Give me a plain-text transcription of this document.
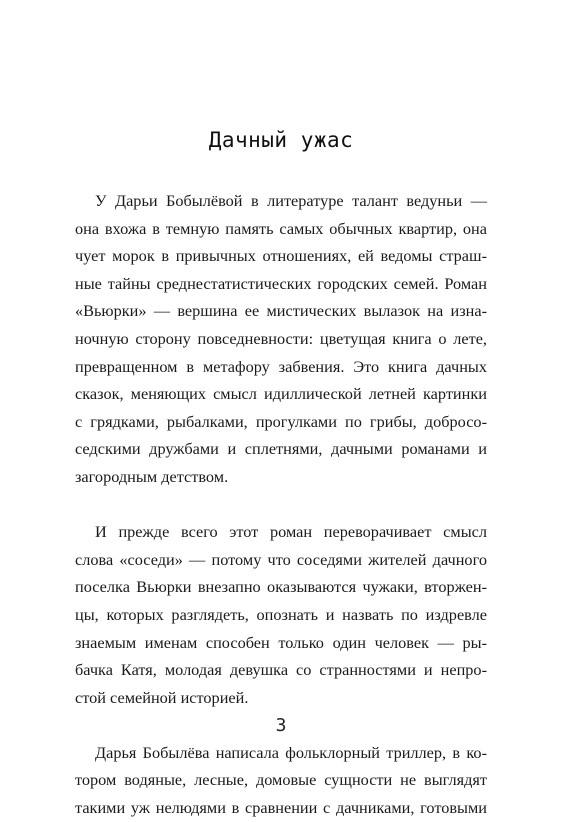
Дачный ужас

У Дарьи Бобылёвой в литературе талант ведуньи —
она вхожа в темную память самых обычных квартир, она
чует морок в привычных отношениях, ей ведомы страш-
ные тайны среднестатистических городских семей. Роман
«Вьюрки» — вершина ее мистических вылазок на изна-
ночную сторону повседневности: цветущая книга о лете,
превращенном в метафору забвения. Это книга дачных
сказок, меняющих смысл идиллической летней картинки
с грядками, рыбалками, прогулками по грибы, добросо-
седскими дружбами и сплетнями, дачными романами и
загородным детством.

И прежде всего этот роман переворачивает смысл
слова «соседи» — потому что соседями жителей дачного
поселка Вьюрки внезапно оказываются чужаки, вторжен-
цы, которых разглядеть, опознать и назвать по издревле
знаемым именам способен только один человек — ры-
бачка Катя, молодая девушка со странностями и непро-
стой семейной историей.

Дарья Бобылёва написала фольклорный триллер, в ко-
тором водяные, лесные, домовые сущности не выглядят
такими уж нелюдями в сравнении с дачниками, готовыми

3
